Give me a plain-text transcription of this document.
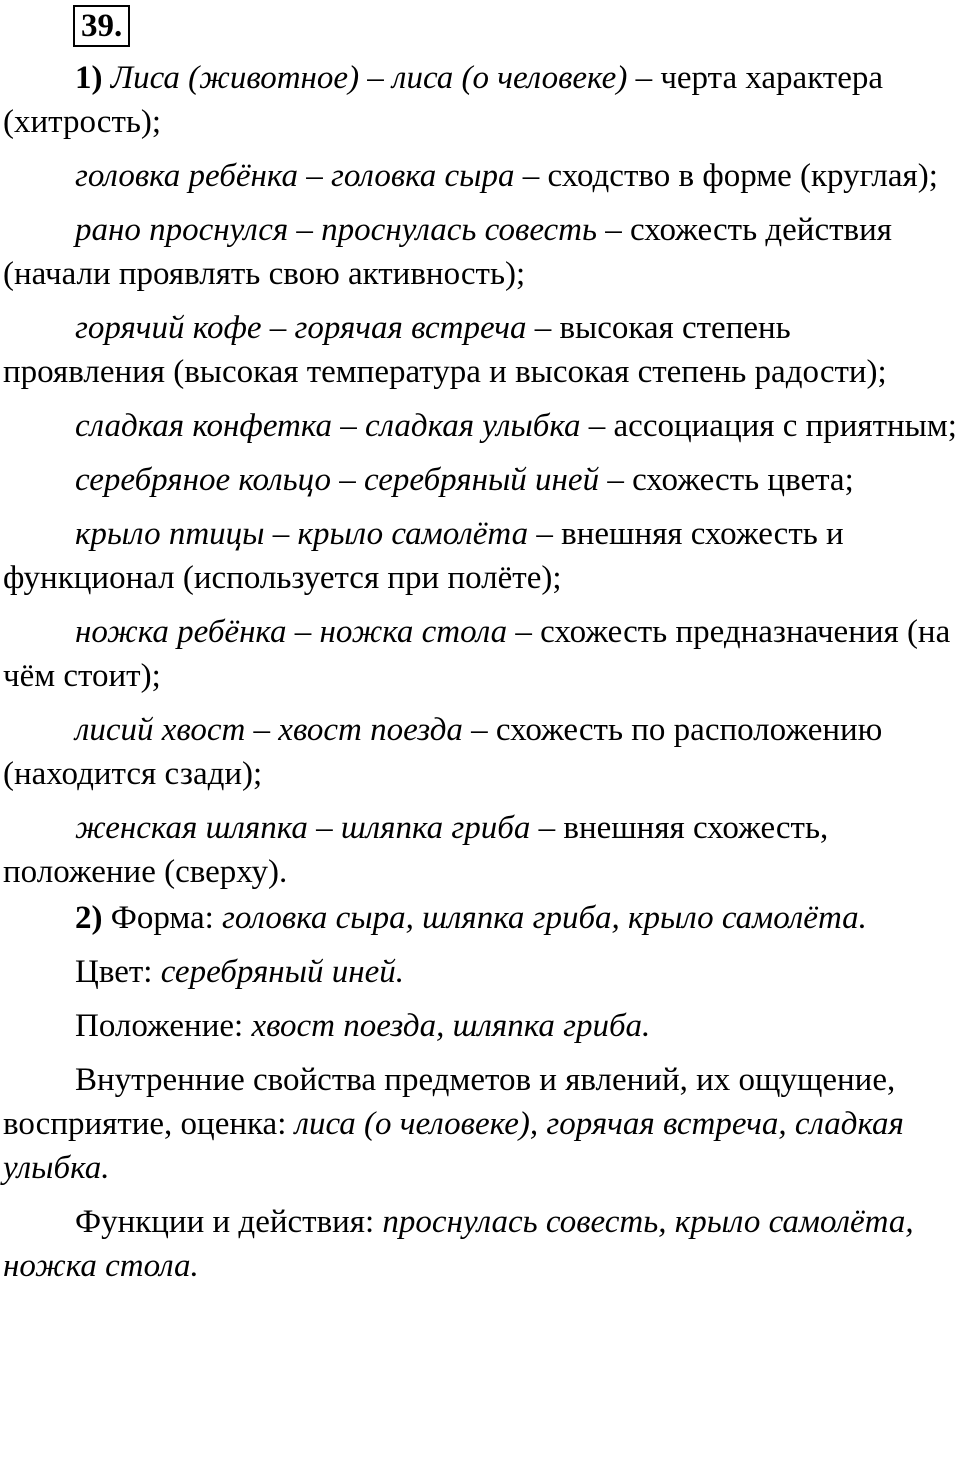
39.

1) Лиса (животное) – лиса (о человеке) – черта характера (хитрость);

головка ребёнка – головка сыра – сходство в форме (круглая);

рано проснулся – проснулась совесть – схожесть действия (начали проявлять свою активность);

горячий кофе – горячая встреча – высокая степень проявления (высокая температура и высокая степень радости);

сладкая конфетка – сладкая улыбка – ассоциация с приятным;

серебряное кольцо – серебряный иней – схожесть цвета;

крыло птицы – крыло самолёта – внешняя схожесть и функционал (используется при полёте);

ножка ребёнка – ножка стола – схожесть предназначения (на чём стоит);

лисий хвост – хвост поезда – схожесть по расположению (находится сзади);

женская шляпка – шляпка гриба – внешняя схожесть, положение (сверху).

2) Форма: головка сыра, шляпка гриба, крыло самолёта.

Цвет: серебряный иней.

Положение: хвост поезда, шляпка гриба.

Внутренние свойства предметов и явлений, их ощущение, восприятие, оценка: лиса (о человеке), горячая встреча, сладкая улыбка.

Функции и действия: проснулась совесть, крыло самолёта, ножка стола.
